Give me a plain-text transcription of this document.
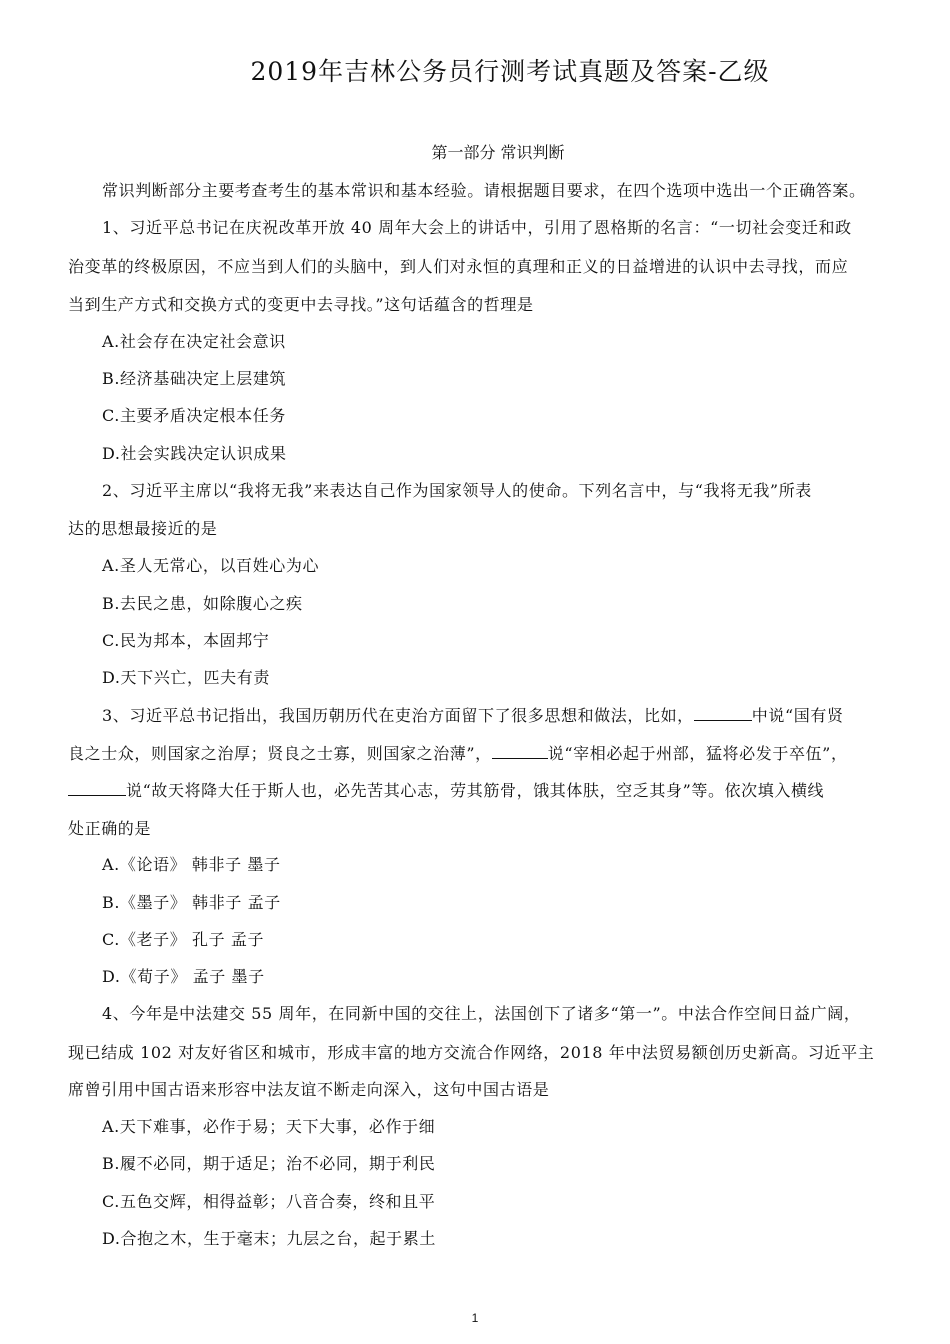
2019年吉林公务员行测考试真题及答案-乙级
第一部分 常识判断
常识判断部分主要考查考生的基本常识和基本经验。请根据题目要求，在四个选项中选出一个正确答案。
1、习近平总书记在庆祝改革开放 40 周年大会上的讲话中，引用了恩格斯的名言：“一切社会变迁和政
治变革的终极原因，不应当到人们的头脑中，到人们对永恒的真理和正义的日益增进的认识中去寻找，而应
当到生产方式和交换方式的变更中去寻找。”这句话蕴含的哲理是
A.社会存在决定社会意识
B.经济基础决定上层建筑
C.主要矛盾决定根本任务
D.社会实践决定认识成果
2、习近平主席以“我将无我”来表达自己作为国家领导人的使命。下列名言中，与“我将无我”所表
达的思想最接近的是
A.圣人无常心，以百姓心为心
B.去民之患，如除腹心之疾
C.民为邦本，本固邦宁
D.天下兴亡，匹夫有责
3、习近平总书记指出，我国历朝历代在吏治方面留下了很多思想和做法，比如，	中说“国有贤
良之士众，则国家之治厚；贤良之士寡，则国家之治薄”，	说“宰相必起于州部，猛将必发于卒伍”，
说“故天将降大任于斯人也，必先苦其心志，劳其筋骨，饿其体肤，空乏其身”等。依次填入横线
处正确的是
A.《论语》 韩非子 墨子
B.《墨子》 韩非子 孟子
C.《老子》 孔子 孟子
D.《荀子》 孟子 墨子
4、今年是中法建交 55 周年，在同新中国的交往上，法国创下了诸多“第一”。中法合作空间日益广阔，
现已结成 102 对友好省区和城市，形成丰富的地方交流合作网络，2018 年中法贸易额创历史新高。习近平主
席曾引用中国古语来形容中法友谊不断走向深入，这句中国古语是
A.天下难事，必作于易；天下大事，必作于细
B.履不必同，期于适足；治不必同，期于利民
C.五色交辉，相得益彰；八音合奏，终和且平
D.合抱之木，生于毫末；九层之台，起于累土
1
